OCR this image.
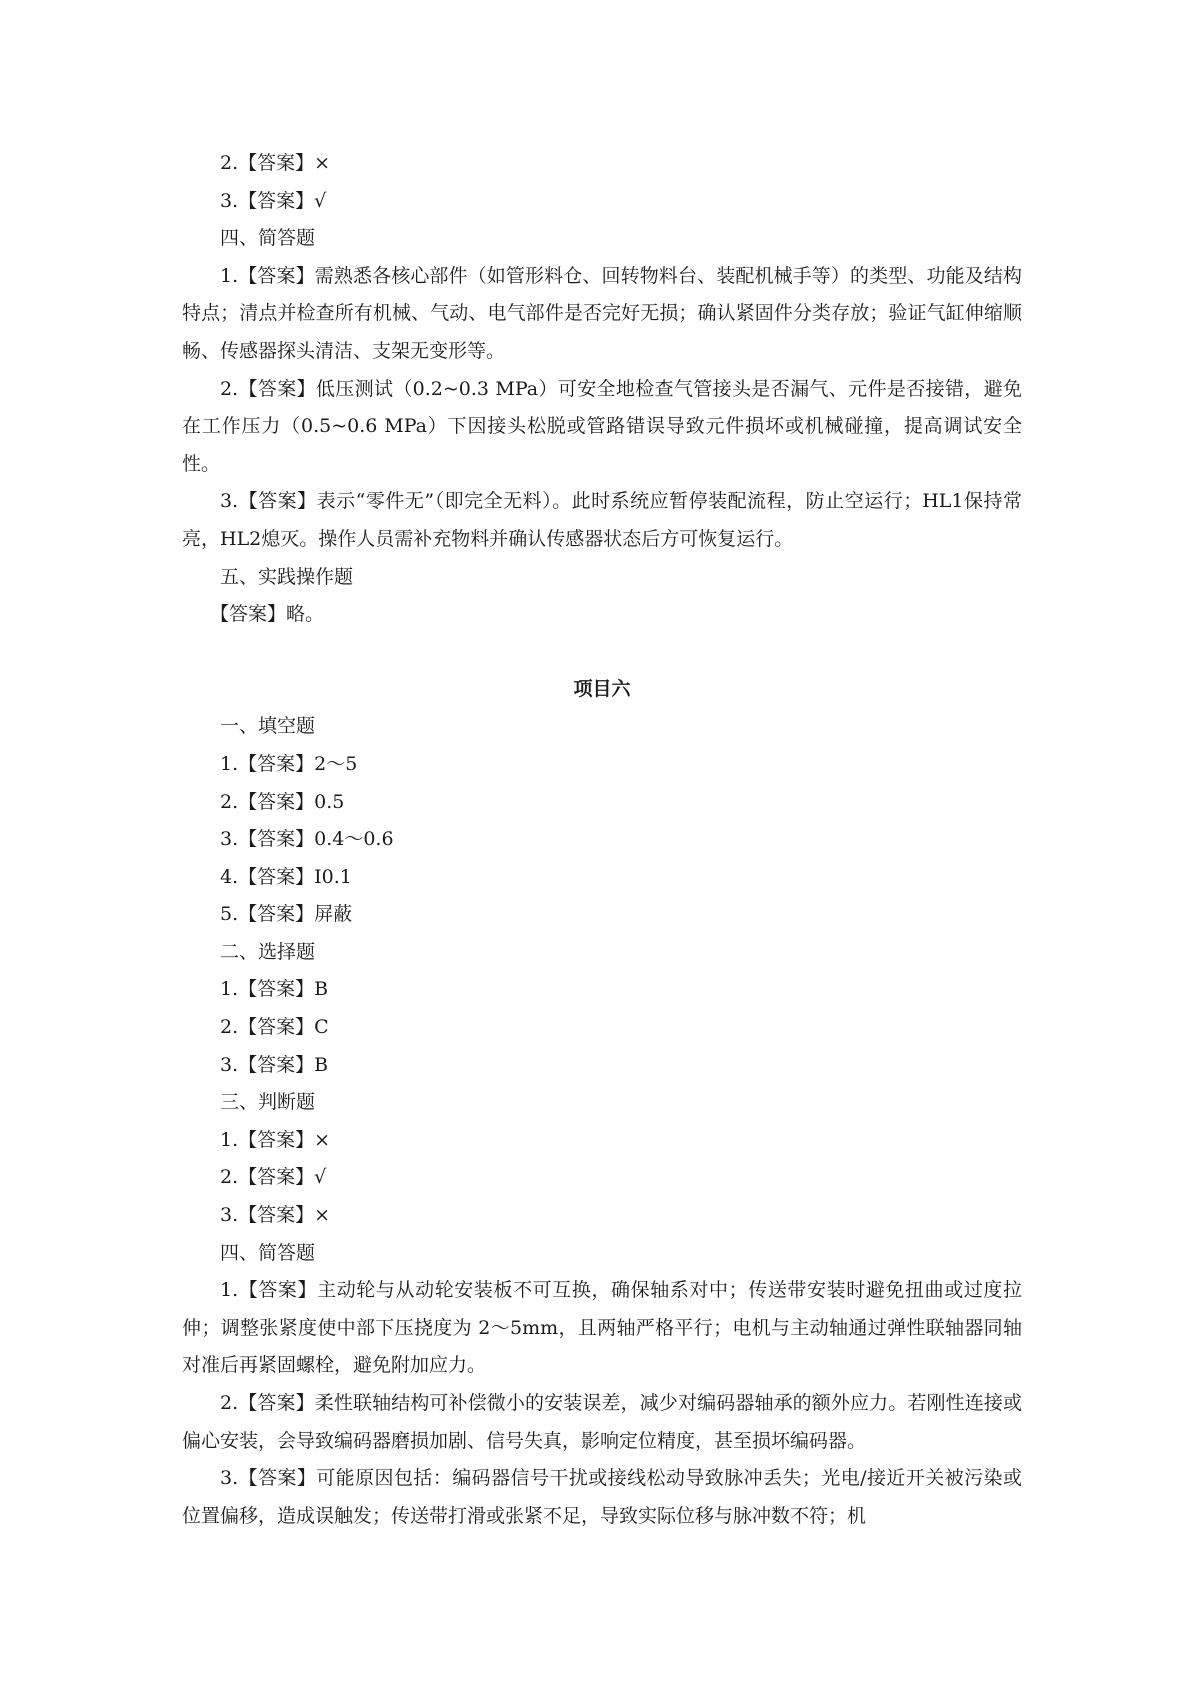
2.【答案】×
3.【答案】√
四、简答题

1.【答案】需熟悉各核心部件（如管形料仓、回转物料台、装配机械手等）的类型、功能及结构特点；清点并检查所有机械、气动、电气部件是否完好无损；确认紧固件分类存放；验证气缸伸缩顺畅、传感器探头清洁、支架无变形等。

2.【答案】低压测试（0.2~0.3 MPa）可安全地检查气管接头是否漏气、元件是否接错，避免在工作压力（0.5~0.6 MPa）下因接头松脱或管路错误导致元件损坏或机械碰撞，提高调试安全性。

3.【答案】表示“零件无”（即完全无料）。此时系统应暂停装配流程，防止空运行；HL1保持常亮，HL2熄灭。操作人员需补充物料并确认传感器状态后方可恢复运行。

五、实践操作题
【答案】略。
项目六
一、填空题
1.【答案】2～5
2.【答案】0.5
3.【答案】0.4～0.6
4.【答案】I0.1
5.【答案】屏蔽
二、选择题
1.【答案】B
2.【答案】C
3.【答案】B
三、判断题
1.【答案】×
2.【答案】√
3.【答案】×
四、简答题

1.【答案】主动轮与从动轮安装板不可互换，确保轴系对中；传送带安装时避免扭曲或过度拉伸；调整张紧度使中部下压挠度为 2～5mm，且两轴严格平行；电机与主动轴通过弹性联轴器同轴对准后再紧固螺栓，避免附加应力。

2.【答案】柔性联轴结构可补偿微小的安装误差，减少对编码器轴承的额外应力。若刚性连接或偏心安装，会导致编码器磨损加剧、信号失真，影响定位精度，甚至损坏编码器。

3.【答案】可能原因包括：编码器信号干扰或接线松动导致脉冲丢失；光电/接近开关被污染或位置偏移，造成误触发；传送带打滑或张紧不足，导致实际位移与脉冲数不符；机
